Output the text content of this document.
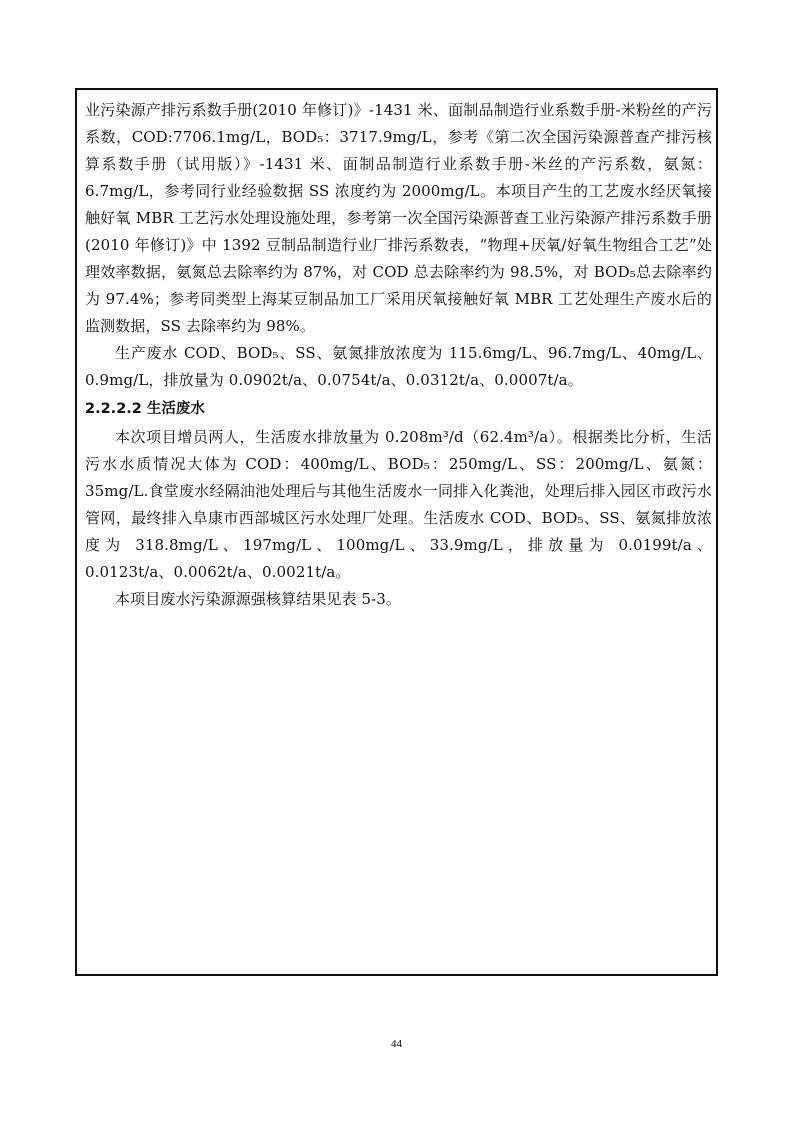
业污染源产排污系数手册(2010 年修订)》-1431 米、面制品制造行业系数手册-米粉丝的产污系数，COD:7706.1mg/L，BOD₅：3717.9mg/L，参考《第二次全国污染源普查产排污核算系数手册（试用版）》-1431 米、面制品制造行业系数手册-米丝的产污系数，氨氮：6.7mg/L，参考同行业经验数据 SS 浓度约为 2000mg/L。本项目产生的工艺废水经厌氧接触好氧 MBR 工艺污水处理设施处理，参考第一次全国污染源普查工业污染源产排污系数手册(2010 年修订)》中 1392 豆制品制造行业厂排污系数表，“物理+厌氧/好氧生物组合工艺”处理效率数据，氨氮总去除率约为 87%，对 COD 总去除率约为 98.5%，对 BOD₅总去除率约为 97.4%；参考同类型上海某豆制品加工厂采用厌氧接触好氧 MBR 工艺处理生产废水后的监测数据，SS 去除率约为 98%。

生产废水 COD、BOD₅、SS、氨氮排放浓度为 115.6mg/L、96.7mg/L、40mg/L、0.9mg/L，排放量为 0.0902t/a、0.0754t/a、0.0312t/a、0.0007t/a。

2.2.2.2 生活废水

本次项目增员两人，生活废水排放量为 0.208m³/d（62.4m³/a）。根据类比分析，生活污水水质情况大体为 COD：400mg/L、BOD₅：250mg/L、SS：200mg/L、氨氮：35mg/L.食堂废水经隔油池处理后与其他生活废水一同排入化粪池，处理后排入园区市政污水管网，最终排入阜康市西部城区污水处理厂处理。生活废水 COD、BOD₅、SS、氨氮排放浓度为 318.8mg/L、197mg/L、100mg/L、33.9mg/L，排放量为 0.0199t/a、0.0123t/a、0.0062t/a、0.0021t/a。

本项目废水污染源源强核算结果见表 5-3。

44
